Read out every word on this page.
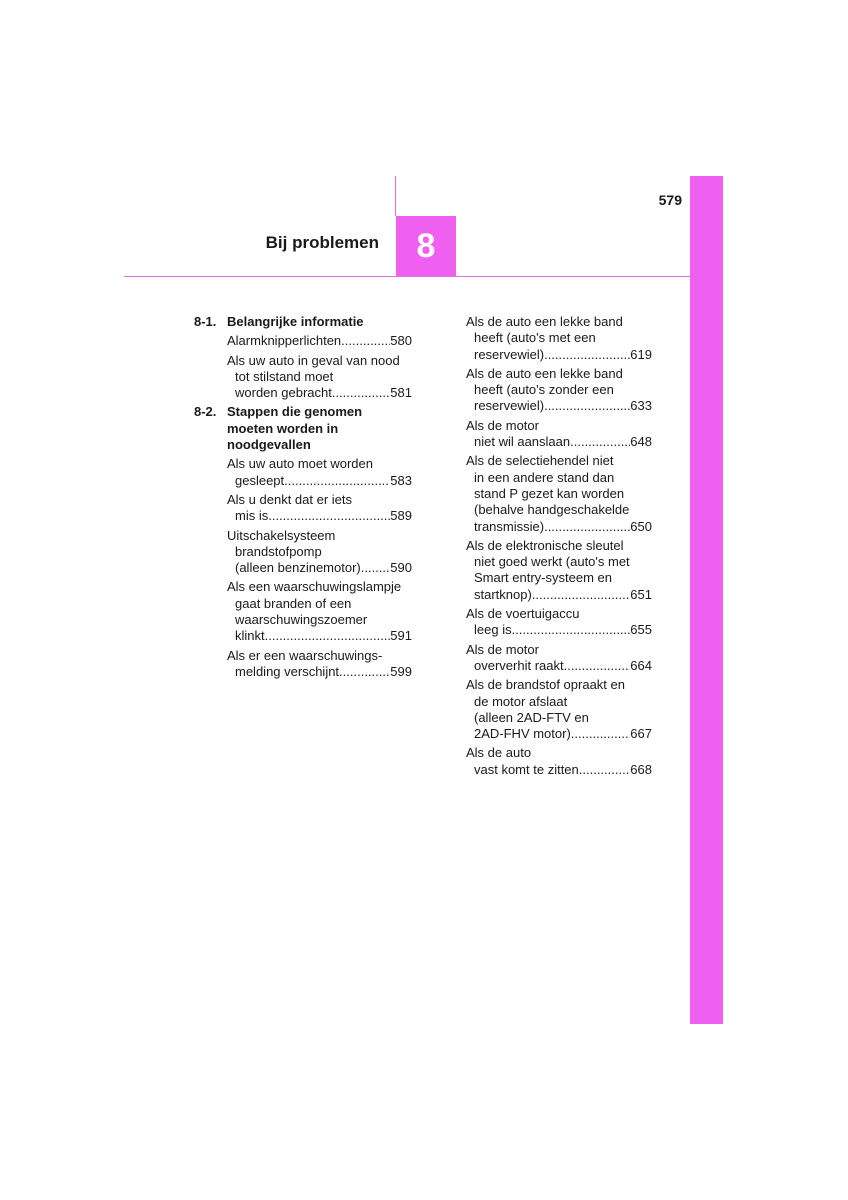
579
8
Bij problemen
8-1. Belangrijke informatie
Alarmknipperlichten .....	580
Als uw auto in geval van nood
tot stilstand moet
worden gebracht .....	581
8-2. Stappen die genomen
moeten worden in
noodgevallen
Als uw auto moet worden
gesleept .....	583
Als u denkt dat er iets
mis is .....	589
Uitschakelsysteem
brandstofpomp
(alleen benzinemotor) ..... 590
Als een waarschuwingslampje
gaat branden of een
waarschuwingszoemer
klinkt .....	591
Als er een waarschuwings-
melding verschijnt .....	599
Als de auto een lekke band
heeft (auto's met een
reservewiel) .....	619
Als de auto een lekke band
heeft (auto's zonder een
reservewiel) .....	633
Als de motor
niet wil aanslaan .....	648
Als de selectiehendel niet
in een andere stand dan
stand P gezet kan worden
(behalve handgeschakelde
transmissie) .....	650
Als de elektronische sleutel
niet goed werkt (auto's met
Smart entry-systeem en
startknop) .....	651
Als de voertuigaccu
leeg is .....	655
Als de motor
oververhit raakt .....	664
Als de brandstof opraakt en
de motor afslaat
(alleen 2AD-FTV en
2AD-FHV motor) .....	667
Als de auto
vast komt te zitten .....	668
